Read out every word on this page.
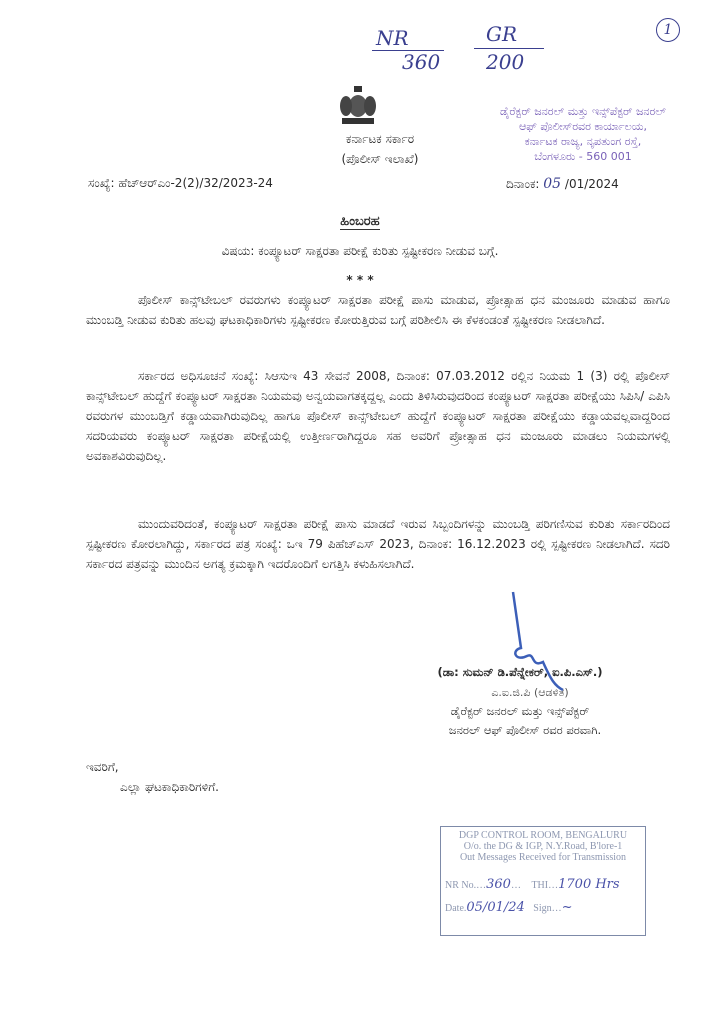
NR
360
GR
200
1
ಕರ್ನಾಟಕ ಸರ್ಕಾರ
(ಪೊಲೀಸ್ ಇಲಾಖೆ)
ಡೈರೆಕ್ಟರ್ ಜನರಲ್ ಮತ್ತು ಇನ್ಸ್‌ಪೆಕ್ಟರ್ ಜನರಲ್
ಆಫ್ ಪೊಲೀಸ್‌ರವರ ಕಾರ್ಯಾಲಯ,
ಕರ್ನಾಟಕ ರಾಜ್ಯ, ನೃಪತುಂಗ ರಸ್ತೆ,
ಬೆಂಗಳೂರು - 560 001
ಸಂಖ್ಯೆ: ಹೆಚ್‌ಆರ್‌ಎಂ-2(2)/32/2023-24	ದಿನಾಂಕ: 05 /01/2024
ಹಿಂಬರಹ
ವಿಷಯ: ಕಂಪ್ಯೂಟರ್ ಸಾಕ್ಷರತಾ ಪರೀಕ್ಷೆ ಕುರಿತು ಸ್ಪಷ್ಟೀಕರಣ ನೀಡುವ ಬಗ್ಗೆ.
* * *
ಪೊಲೀಸ್ ಕಾನ್ಸ್‌ಟೇಬಲ್ ರವರುಗಳು ಕಂಪ್ಯೂಟರ್ ಸಾಕ್ಷರತಾ ಪರೀಕ್ಷೆ ಪಾಸು ಮಾಡುವ, ಪ್ರೋತ್ಸಾಹ ಧನ ಮಂಜೂರು ಮಾಡುವ ಹಾಗೂ ಮುಂಬಡ್ತಿ ನೀಡುವ ಕುರಿತು ಹಲವು ಘಟಕಾಧಿಕಾರಿಗಳು ಸ್ಪಷ್ಟೀಕರಣ ಕೋರುತ್ತಿರುವ ಬಗ್ಗೆ ಪರಿಶೀಲಿಸಿ ಈ ಕೆಳಕಂಡಂತೆ ಸ್ಪಷ್ಟೀಕರಣ ನೀಡಲಾಗಿದೆ.
ಸರ್ಕಾರದ ಅಧಿಸೂಚನೆ ಸಂಖ್ಯೆ: ಸಿಆಸುಇ 43 ಸೇವನೆ 2008, ದಿನಾಂಕ: 07.03.2012 ರಲ್ಲಿನ ನಿಯಮ 1 (3) ರಲ್ಲಿ ಪೊಲೀಸ್ ಕಾನ್ಸ್‌ಟೇಬಲ್ ಹುದ್ದೆಗೆ ಕಂಪ್ಯೂಟರ್ ಸಾಕ್ಷರತಾ ನಿಯಮವು ಅನ್ವಯವಾಗತಕ್ಕದ್ದಲ್ಲ ಎಂದು ತಿಳಿಸಿರುವುದರಿಂದ ಕಂಪ್ಯೂಟರ್ ಸಾಕ್ಷರತಾ ಪರೀಕ್ಷೆಯು ಸಿಪಿಸಿ/ ಎಪಿಸಿ ರವರುಗಳ ಮುಂಬಡ್ತಿಗೆ ಕಡ್ಡಾಯವಾಗಿರುವುದಿಲ್ಲ ಹಾಗೂ ಪೊಲೀಸ್ ಕಾನ್ಸ್‌ಟೇಬಲ್ ಹುದ್ದೆಗೆ ಕಂಪ್ಯೂಟರ್ ಸಾಕ್ಷರತಾ ಪರೀಕ್ಷೆಯು ಕಡ್ಡಾಯವಲ್ಲವಾದ್ದರಿಂದ ಸದರಿಯವರು ಕಂಪ್ಯೂಟರ್ ಸಾಕ್ಷರತಾ ಪರೀಕ್ಷೆಯಲ್ಲಿ ಉತ್ತೀರ್ಣರಾಗಿದ್ದರೂ ಸಹ ಅವರಿಗೆ ಪ್ರೋತ್ಸಾಹ ಧನ ಮಂಜೂರು ಮಾಡಲು ನಿಯಮಗಳಲ್ಲಿ ಅವಕಾಶವಿರುವುದಿಲ್ಲ.
ಮುಂದುವರಿದಂತೆ, ಕಂಪ್ಯೂಟರ್ ಸಾಕ್ಷರತಾ ಪರೀಕ್ಷೆ ಪಾಸು ಮಾಡದೆ ಇರುವ ಸಿಬ್ಬಂದಿಗಳನ್ನು ಮುಂಬಡ್ತಿ ಪರಿಗಣಿಸುವ ಕುರಿತು ಸರ್ಕಾರದಿಂದ ಸ್ಪಷ್ಟೀಕರಣ ಕೋರಲಾಗಿದ್ದು, ಸರ್ಕಾರದ ಪತ್ರ ಸಂಖ್ಯೆ: ಒಇ 79 ಪಿಹೆಚ್‌ಎಸ್ 2023, ದಿನಾಂಕ: 16.12.2023 ರಲ್ಲಿ ಸ್ಪಷ್ಟೀಕರಣ ನೀಡಲಾಗಿದೆ. ಸದರಿ ಸರ್ಕಾರದ ಪತ್ರವನ್ನು ಮುಂದಿನ ಅಗತ್ಯ ಕ್ರಮಕ್ಕಾಗಿ ಇದರೊಂದಿಗೆ ಲಗತ್ತಿಸಿ ಕಳುಹಿಸಲಾಗಿದೆ.
(ಡಾ: ಸುಮನ್ ಡಿ.ಪೆನ್ನೇಕರ್, ಐ.ಪಿ.ಎಸ್.)
ಎ.ಐ.ಜಿ.ಪಿ (ಆಡಳಿತ)
ಡೈರೆಕ್ಟರ್ ಜನರಲ್ ಮತ್ತು ಇನ್ಸ್‌ಪೆಕ್ಟರ್
ಜನರಲ್ ಆಫ್ ಪೊಲೀಸ್ ರವರ ಪರವಾಗಿ.
ಇವರಿಗೆ,
ಎಲ್ಲಾ ಘಟಕಾಧಿಕಾರಿಗಳಿಗೆ.
DGP CONTROL ROOM, BENGALURU
O/o. the DG & IGP, N.Y.Road, B'lore-1
Out Messages Received for Transmission
NR No.…360… THI…1700 Hrs
Date.05/01/24 Sign…~
